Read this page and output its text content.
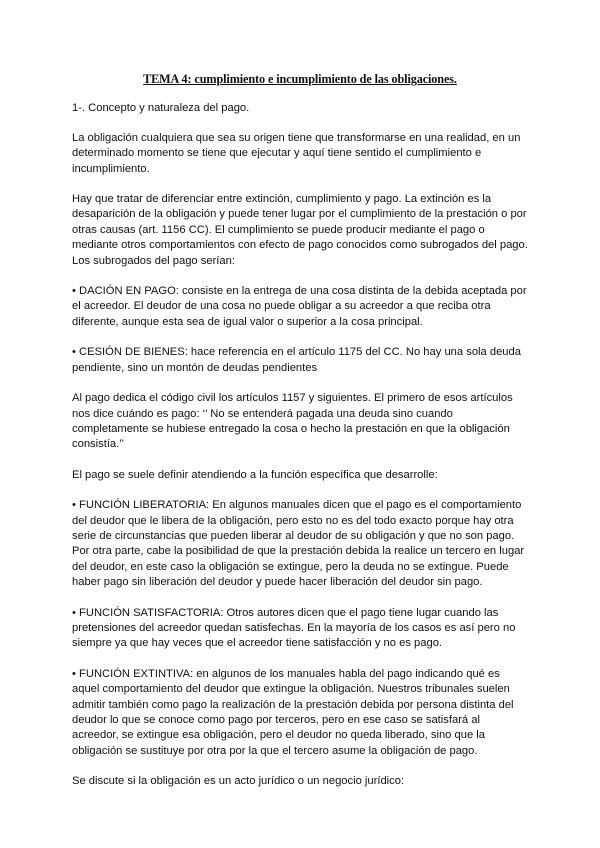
TEMA 4: cumplimiento e incumplimiento de las obligaciones.
1-. Concepto y naturaleza del pago.
La obligación cualquiera que sea su origen tiene que transformarse en una realidad, en un determinado momento se tiene que ejecutar y aquí tiene sentido el cumplimiento e incumplimiento.
Hay que tratar de diferenciar entre extinción, cumplimiento y pago. La extinción es la desaparición de la obligación y puede tener lugar por el cumplimiento de la prestación o por otras causas (art. 1156 CC). El cumplimiento se puede producir mediante el pago o mediante otros comportamientos con efecto de pago conocidos como subrogados del pago. Los subrogados del pago serían:
• DACIÓN EN PAGO: consiste en la entrega de una cosa distinta de la debida aceptada por el acreedor. El deudor de una cosa no puede obligar a su acreedor a que reciba otra diferente, aunque esta sea de igual valor o superior a la cosa principal.
• CESIÓN DE BIENES: hace referencia en el artículo 1175 del CC. No hay una sola deuda pendiente, sino un montón de deudas pendientes
Al pago dedica el código civil los artículos 1157 y siguientes. El primero de esos artículos nos dice cuándo es pago: ‘’ No se entenderá pagada una deuda sino cuando completamente se hubiese entregado la cosa o hecho la prestación en que la obligación consistía.’’
El pago se suele definir atendiendo a la función específica que desarrolle:
• FUNCIÓN LIBERATORIA: En algunos manuales dicen que el pago es el comportamiento del deudor que le libera de la obligación, pero esto no es del todo exacto porque hay otra serie de circunstancias que pueden liberar al deudor de su obligación y que no son pago. Por otra parte, cabe la posibilidad de que la prestación debida la realice un tercero en lugar del deudor, en este caso la obligación se extingue, pero la deuda no se extingue. Puede haber pago sin liberación del deudor y puede hacer liberación del deudor sin pago.
• FUNCIÓN SATISFACTORIA: Otros autores dicen que el pago tiene lugar cuando las pretensiones del acreedor quedan satisfechas. En la mayoría de los casos es así pero no siempre ya que hay veces que el acreedor tiene satisfacción y no es pago.
• FUNCIÓN EXTINTIVA: en algunos de los manuales habla del pago indicando qué es aquel comportamiento del deudor que extingue la obligación. Nuestros tribunales suelen admitir también como pago la realización de la prestación debida por persona distinta del deudor lo que se conoce como pago por terceros, pero en ese caso se satisfará al acreedor, se extingue esa obligación, pero el deudor no queda liberado, sino que la obligación se sustituye por otra por la que el tercero asume la obligación de pago.
Se discute si la obligación es un acto jurídico o un negocio jurídico:
